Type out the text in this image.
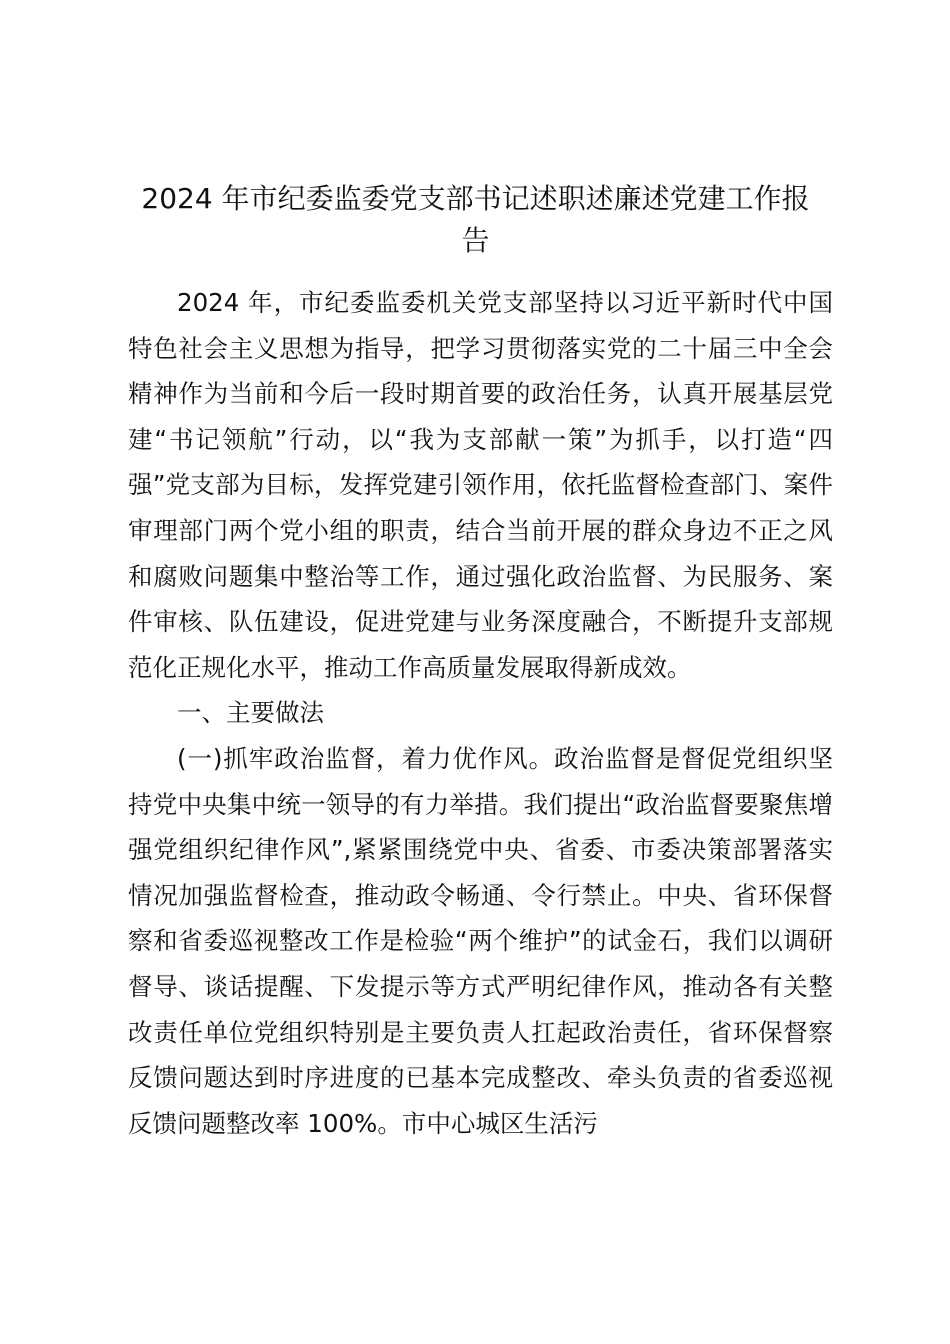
2024 年市纪委监委党支部书记述职述廉述党建工作报告

2024 年，市纪委监委机关党支部坚持以习近平新时代中国特色社会主义思想为指导，把学习贯彻落实党的二十届三中全会精神作为当前和今后一段时期首要的政治任务，认真开展基层党建“书记领航”行动，以“我为支部献一策”为抓手，以打造“四强”党支部为目标，发挥党建引领作用，依托监督检查部门、案件审理部门两个党小组的职责，结合当前开展的群众身边不正之风和腐败问题集中整治等工作，通过强化政治监督、为民服务、案件审核、队伍建设，促进党建与业务深度融合，不断提升支部规范化正规化水平，推动工作高质量发展取得新成效。

一、主要做法

(一)抓牢政治监督，着力优作风。政治监督是督促党组织坚持党中央集中统一领导的有力举措。我们提出“政治监督要聚焦增强党组织纪律作风”,紧紧围绕党中央、省委、市委决策部署落实情况加强监督检查，推动政令畅通、令行禁止。中央、省环保督察和省委巡视整改工作是检验“两个维护”的试金石，我们以调研督导、谈话提醒、下发提示等方式严明纪律作风，推动各有关整改责任单位党组织特别是主要负责人扛起政治责任，省环保督察反馈问题达到时序进度的已基本完成整改、牵头负责的省委巡视反馈问题整改率 100%。市中心城区生活污
